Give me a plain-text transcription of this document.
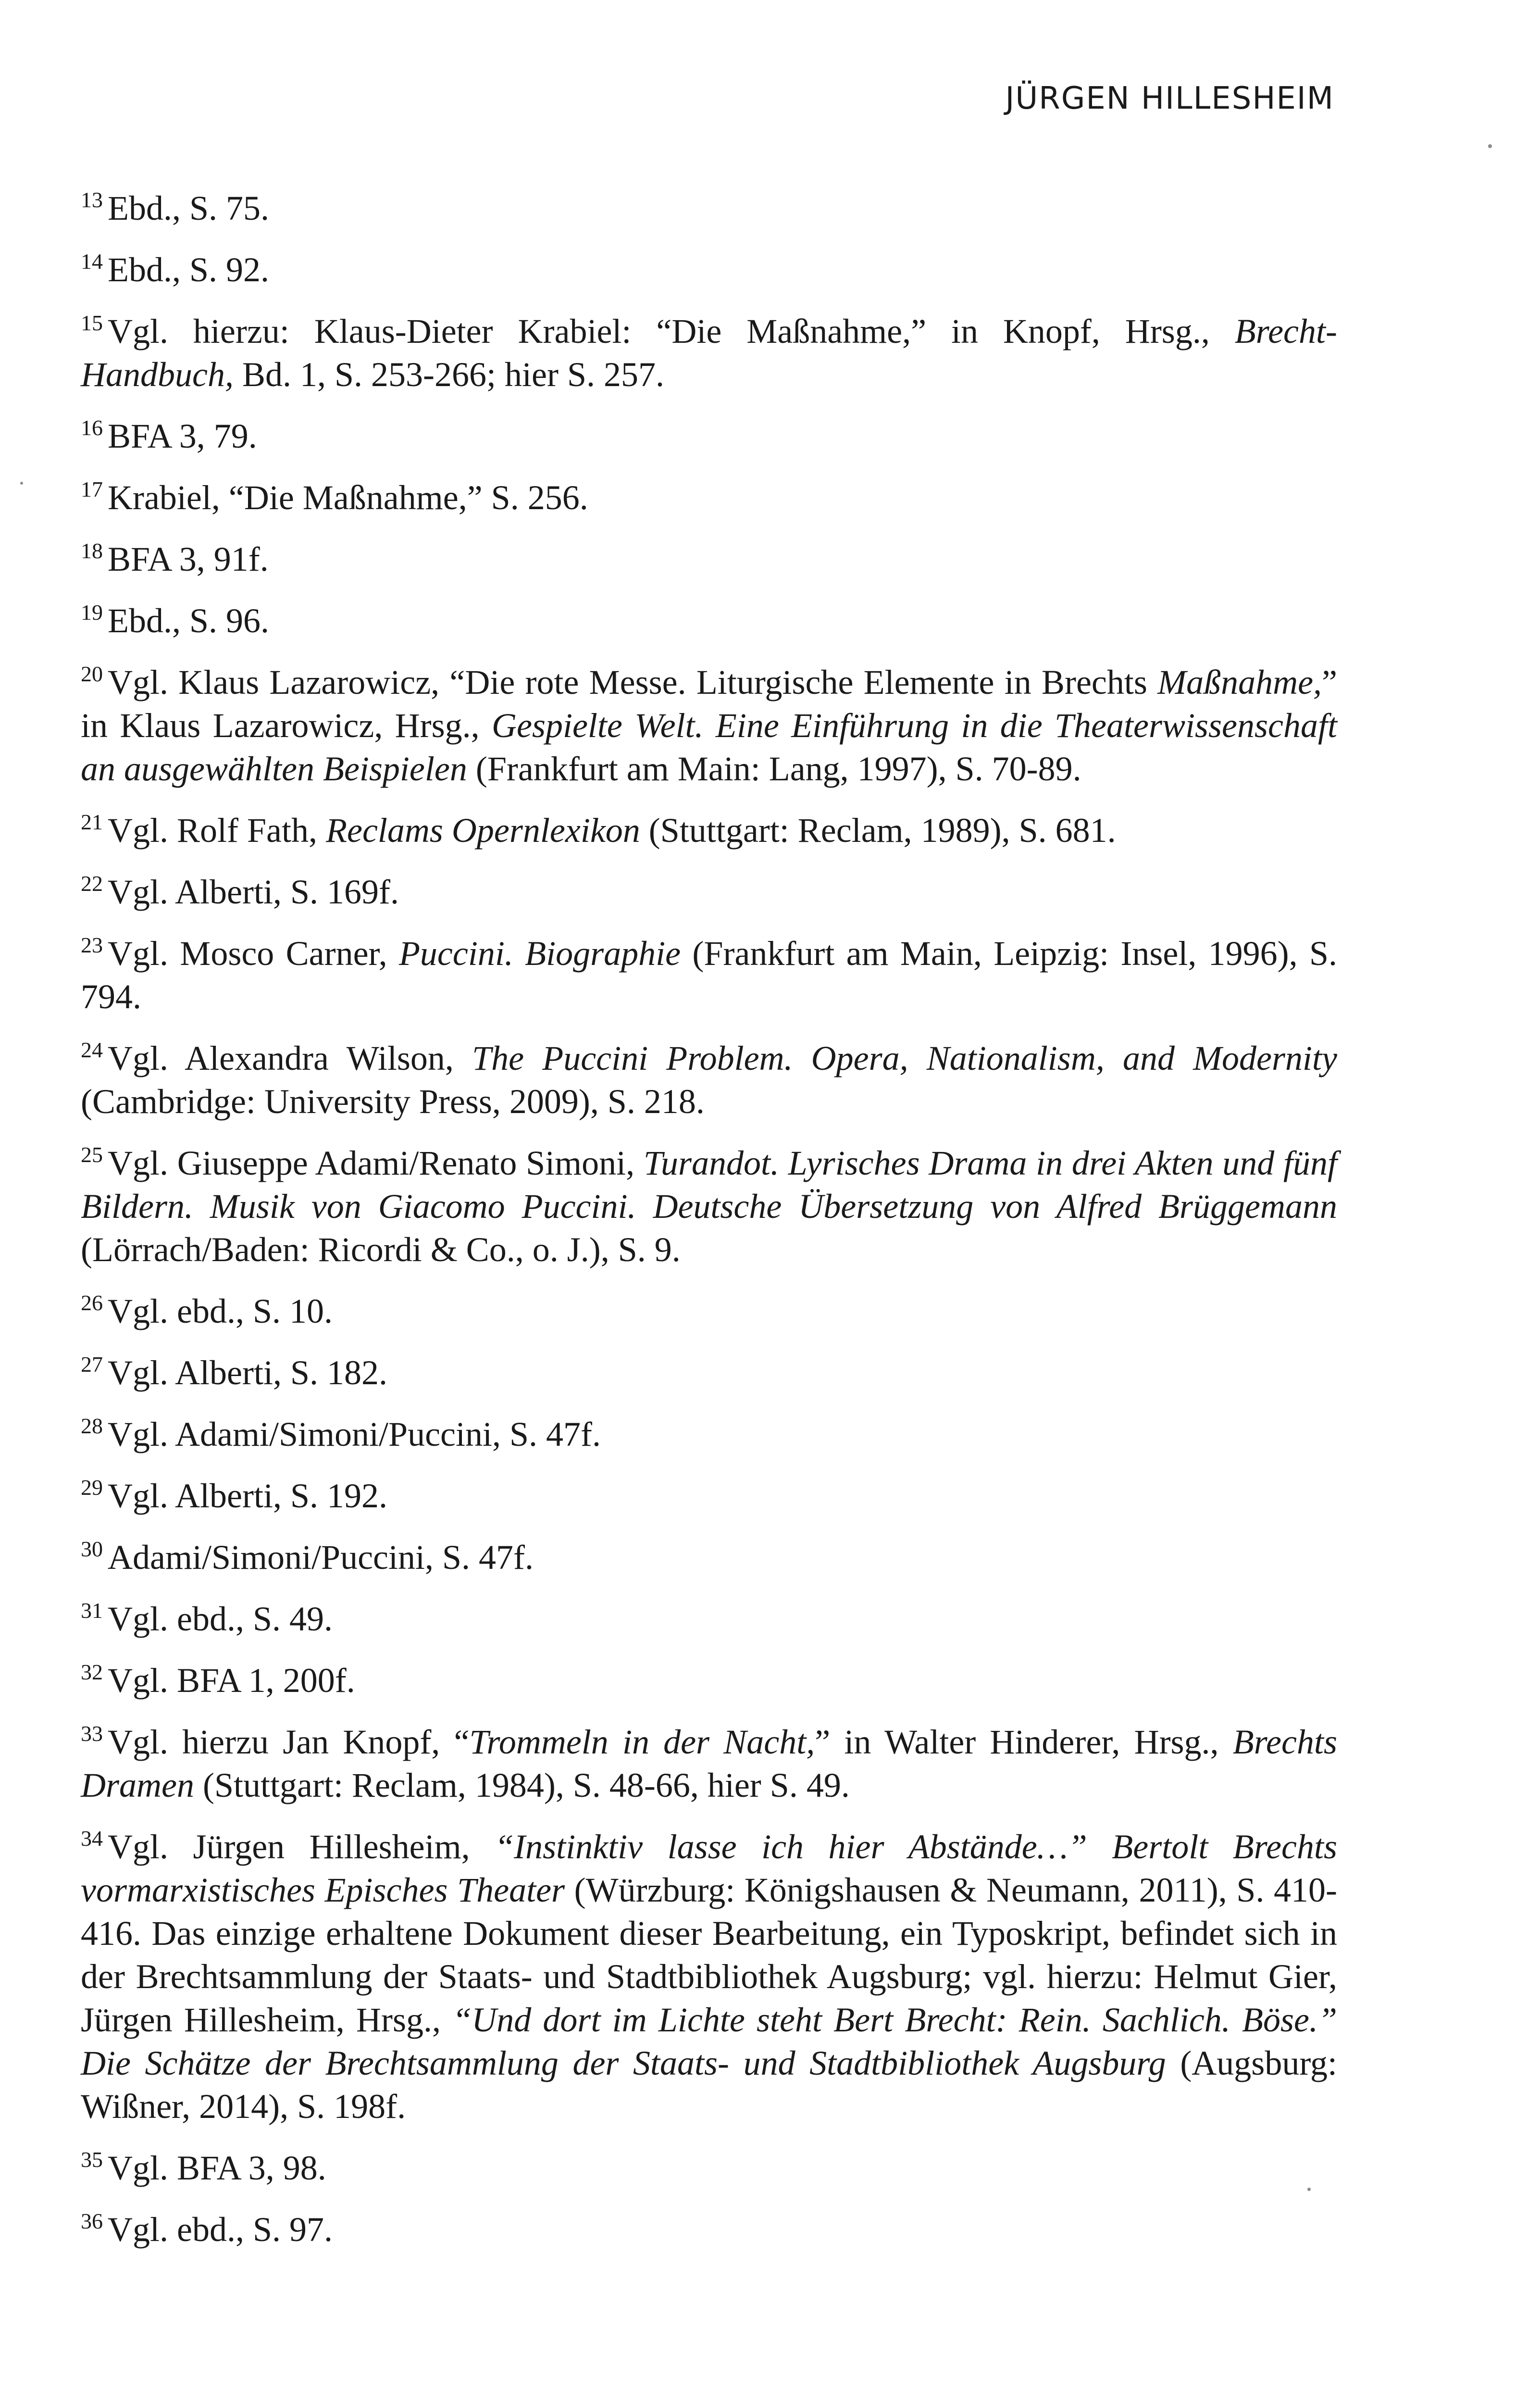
JÜRGEN HILLESHEIM

$^{13}$ Ebd., S. 75.

$^{14}$ Ebd., S. 92.

$^{15}$ Vgl. hierzu: Klaus-Dieter Krabiel: “Die Maßnahme,” in Knopf, Hrsg., Brecht-Handbuch, Bd. 1, S. 253-266; hier S. 257.

$^{16}$ BFA 3, 79.

$^{17}$ Krabiel, “Die Maßnahme,” S. 256.

$^{18}$ BFA 3, 91f.

$^{19}$ Ebd., S. 96.

$^{20}$ Vgl. Klaus Lazarowicz, “Die rote Messe. Liturgische Elemente in Brechts Maßnahme,” in Klaus Lazarowicz, Hrsg., Gespielte Welt. Eine Einführung in die Theaterwissenschaft an ausgewählten Beispielen (Frankfurt am Main: Lang, 1997), S. 70-89.

$^{21}$ Vgl. Rolf Fath, Reclams Opernlexikon (Stuttgart: Reclam, 1989), S. 681.

$^{22}$ Vgl. Alberti, S. 169f.

$^{23}$ Vgl. Mosco Carner, Puccini. Biographie (Frankfurt am Main, Leipzig: Insel, 1996), S. 794.

$^{24}$ Vgl. Alexandra Wilson, The Puccini Problem. Opera, Nationalism, and Modernity (Cambridge: University Press, 2009), S. 218.

$^{25}$ Vgl. Giuseppe Adami/Renato Simoni, Turandot. Lyrisches Drama in drei Akten und fünf Bildern. Musik von Giacomo Puccini. Deutsche Übersetzung von Alfred Brüggemann (Lörrach/Baden: Ricordi & Co., o. J.), S. 9.

$^{26}$ Vgl. ebd., S. 10.

$^{27}$ Vgl. Alberti, S. 182.

$^{28}$ Vgl. Adami/Simoni/Puccini, S. 47f.

$^{29}$ Vgl. Alberti, S. 192.

$^{30}$ Adami/Simoni/Puccini, S. 47f.

$^{31}$ Vgl. ebd., S. 49.

$^{32}$ Vgl. BFA 1, 200f.

$^{33}$ Vgl. hierzu Jan Knopf, “Trommeln in der Nacht,” in Walter Hinderer, Hrsg., Brechts Dramen (Stuttgart: Reclam, 1984), S. 48-66, hier S. 49.

$^{34}$ Vgl. Jürgen Hillesheim, “Instinktiv lasse ich hier Abstände…” Bertolt Brechts vormarxistisches Episches Theater (Würzburg: Königshausen & Neumann, 2011), S. 410-416. Das einzige erhaltene Dokument dieser Bearbeitung, ein Typoskript, befindet sich in der Brechtsammlung der Staats- und Stadtbibliothek Augsburg; vgl. hierzu: Helmut Gier, Jürgen Hillesheim, Hrsg., “Und dort im Lichte steht Bert Brecht: Rein. Sachlich. Böse.” Die Schätze der Brechtsammlung der Staats- und Stadtbibliothek Augsburg (Augsburg: Wißner, 2014), S. 198f.

$^{35}$ Vgl. BFA 3, 98.

$^{36}$ Vgl. ebd., S. 97.
